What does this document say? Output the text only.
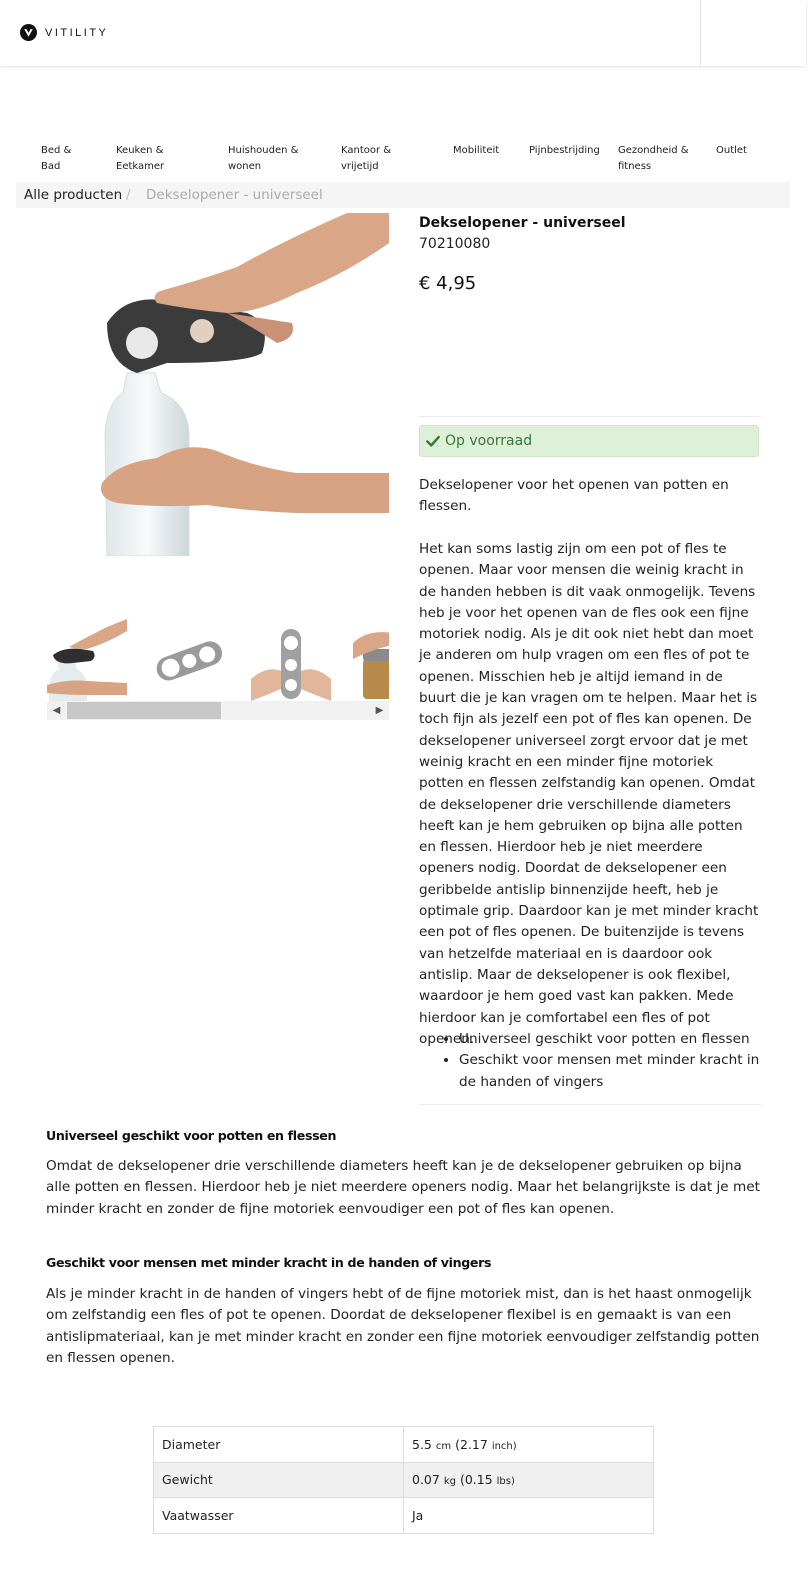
VITILITY
Bed &
Bad
Keuken &
Eetkamer
Huishouden &
wonen
Kantoor &
vrijetijd
Mobiliteit	Pijnbestrijding Gezondheid &
fitness
Outlet
Alle producten / Dekselopener - universeel
◀	▶
Dekselopener - universeel
70210080
€ 4,95
Op voorraad

Dekselopener voor het openen van potten en flessen.

Het kan soms lastig zijn om een pot of fles te openen. Maar voor mensen die weinig kracht in de handen hebben is dit vaak onmogelijk. Tevens heb je voor het openen van de fles ook een fijne motoriek nodig. Als je dit ook niet hebt dan moet je anderen om hulp vragen om een fles of pot te openen. Misschien heb je altijd iemand in de buurt die je kan vragen om te helpen. Maar het is toch fijn als jezelf een pot of fles kan openen. De dekselopener universeel zorgt ervoor dat je met weinig kracht en een minder fijne motoriek potten en flessen zelfstandig kan openen. Omdat de dekselopener drie verschillende diameters heeft kan je hem gebruiken op bijna alle potten en flessen. Hierdoor heb je niet meerdere openers nodig. Doordat de dekselopener een geribbelde antislip binnenzijde heeft, heb je optimale grip. Daardoor kan je met minder kracht een pot of fles openen. De buitenzijde is tevens van hetzelfde materiaal en is daardoor ook antislip. Maar de dekselopener is ook flexibel, waardoor je hem goed vast kan pakken. Mede hierdoor kan je comfortabel een fles of pot openen.

• Universeel geschikt voor potten en flessen
• Geschikt voor mensen met minder kracht in de handen of vingers
Universeel geschikt voor potten en flessen

Omdat de dekselopener drie verschillende diameters heeft kan je de dekselopener gebruiken op bijna alle potten en flessen. Hierdoor heb je niet meerdere openers nodig. Maar het belangrijkste is dat je met minder kracht en zonder de fijne motoriek eenvoudiger een pot of fles kan openen.

Geschikt voor mensen met minder kracht in de handen of vingers

Als je minder kracht in de handen of vingers hebt of de fijne motoriek mist, dan is het haast onmogelijk om zelfstandig een fles of pot te openen. Doordat de dekselopener flexibel is en gemaakt is van een antislipmateriaal, kan je met minder kracht en zonder een fijne motoriek eenvoudiger zelfstandig potten en flessen openen.

Diameter	5.5 cm (2.17 inch)
Gewicht	0.07 kg (0.15 lbs)
Vaatwasser	Ja
